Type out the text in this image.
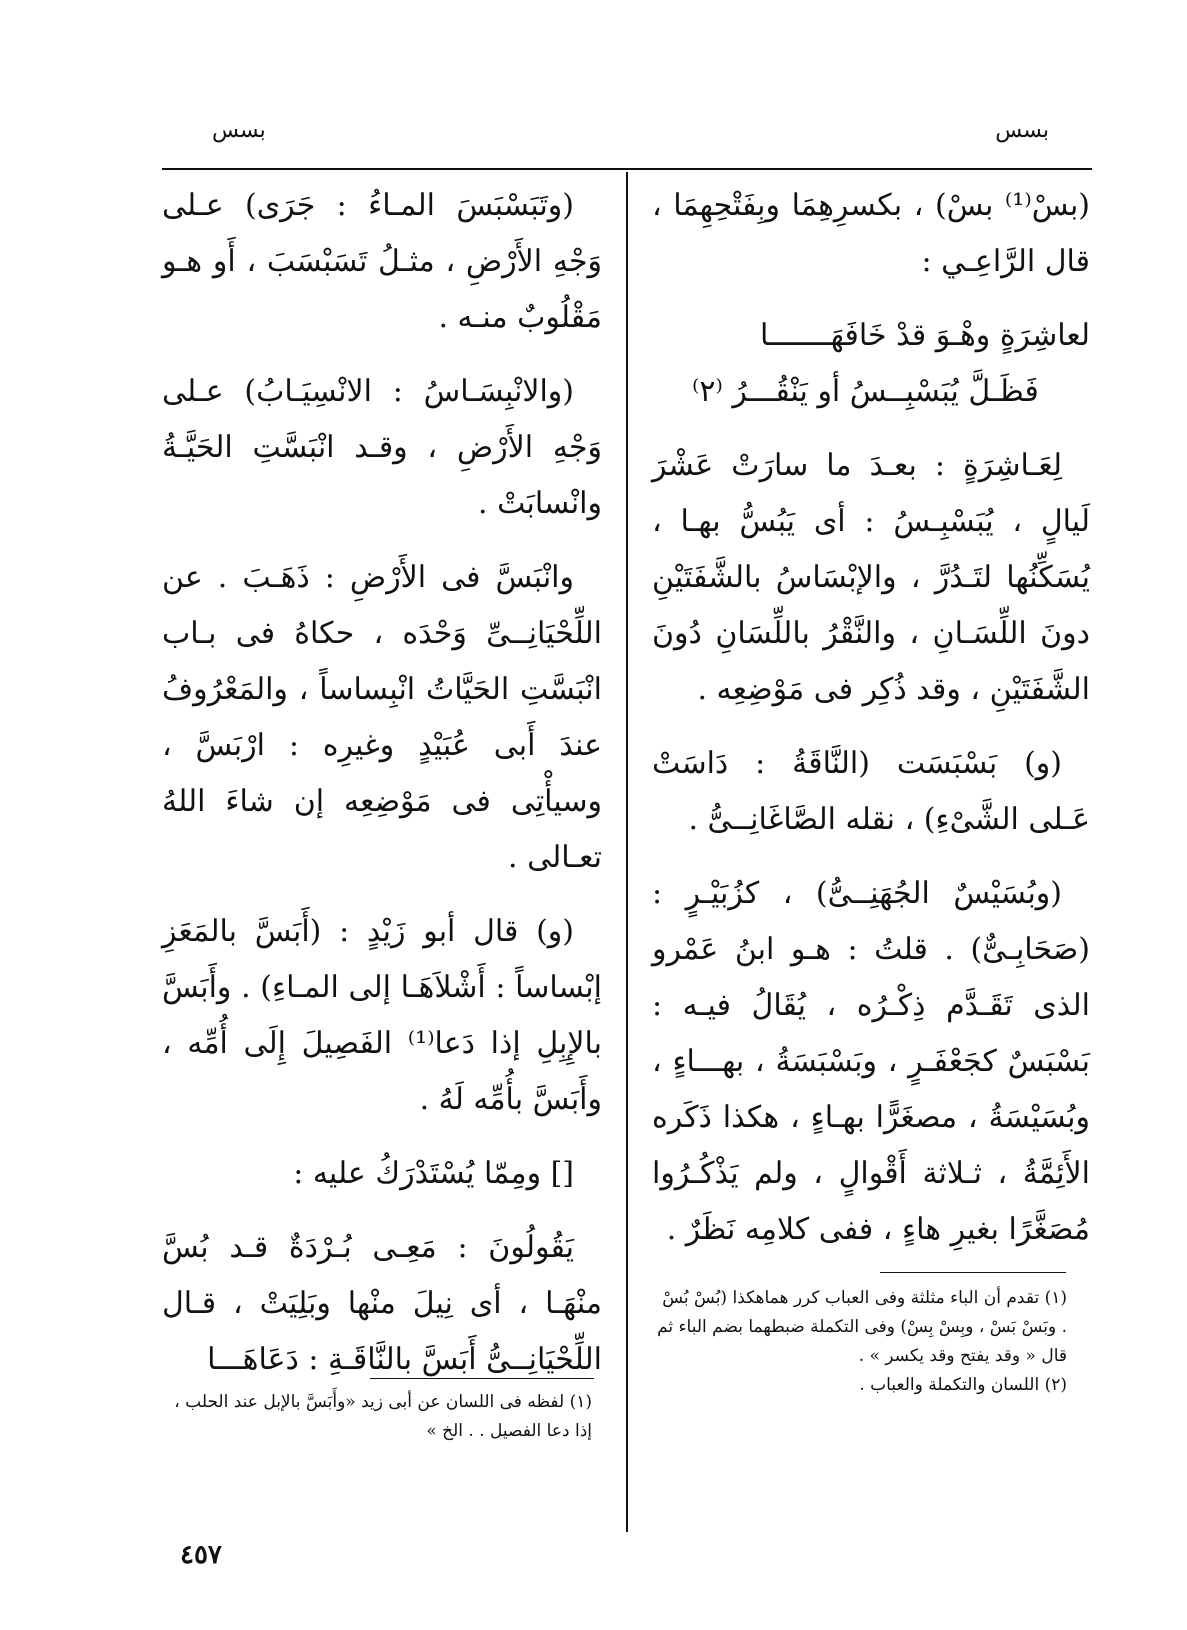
بسس	بسس

(بسْ⁽¹⁾ بسْ) ، بكسرِهِمَا وبِفَتْحِهِمَا ، قال الرَّاعِـي :

لعاشِرَةٍ وهْـوَ قدْ خَافَهَـــــــا
فَظَـلَّ يُبَسْبِــسُ أو يَنْقُـــرُ ⁽٢⁾

لِعَـاشِرَةٍ : بعـدَ ما سارَتْ عَشْرَ لَيالٍ ، يُبَسْبِـسُ : أى يَبُسُّ بهـا ، يُسَكِّنُها لتَـدُرَّ ، والإبْسَاسُ بالشَّفَتَيْنِ دونَ اللِّسَـانِ ، والنَّقْرُ باللِّسَانِ دُونَ الشَّفَتَيْنِ ، وقد ذُكِر فى مَوْضِعِه .

(و) بَسْبَسَت (النَّاقَةُ : دَاسَتْ عَـلى الشَّىْءِ) ، نقله الصَّاغَانِــىُّ .

(وبُسَيْسٌ الجُهَنِــىُّ) ، كزُبَيْـرٍ : (صَحَابِـىٌّ) . قلتُ : هـو ابنُ عَمْرو الذى تَقَـدَّم ذِكْـرُه ، يُقَالُ فيـه : بَسْبَسٌ كجَعْفَـرٍ ، وبَسْبَسَةُ ، بهـــاءٍ ، وبُسَيْسَةُ ، مصغَرًّا بهـاءٍ ، هكذا ذَكَره الأَئِمَّةُ ، ثـلاثة أَقْوالٍ ، ولم يَذْكُـرُوا مُصَغَّرًا بغيرِ هاءٍ ، ففى كلامِه نَظَرٌ .

(وتَبَسْبَسَ المـاءُ : جَرَى) عـلى وَجْهِ الأَرْضِ ، مثـلُ تَسَبْسَبَ ، أَو هـو مَقْلُوبٌ منـه .

(والانْبِسَـاسُ : الانْسِيَـابُ) عـلى وَجْهِ الأَرْضِ ، وقـد انْبَسَّتِ الحَيَّـةُ وانْسابَتْ .

وانْبَسَّ فى الأَرْضِ : ذَهَـبَ . عن اللِّحْيَانِــىِّ وَحْدَه ، حكاهُ فى بـاب انْبَسَّتِ الحَيَّاتُ انْبِساساً ، والمَعْرُوفُ عندَ أَبى عُبَيْدٍ وغيرِه : ارْبَسَّ ، وسيأْتِى فى مَوْضِعِه إن شاءَ اللهُ تعـالى .

(و) قال أبو زَيْدٍ : (أَبَسَّ بالمَعَزِ إبْساساً : أَشْلاَهَـا إلى المـاءِ) . وأَبَسَّ بالإِبِلِ إذا دَعا⁽¹⁾ الفَصِيلَ إِلَى أُمِّه ، وأَبَسَّ بأُمِّه لَهُ .

[] ومِمّا يُسْتَدْرَكُ عليه :

يَقُولُونَ : مَعِـى بُـرْدَةٌ قـد بُسَّ منْهَـا ، أى نِيلَ منْها وبَلِيَتْ ، قـال اللِّحْيَانِــىُّ أَبَسَّ بالنَّاقَـةِ : دَعَاهَـــا

(١) تقدم أن الباء مثلثة وفى العباب كرر هماهكذا (بُسْ بُسْ . وبَسْ بَسْ ، وبِسْ بِسْ) وفى التكملة ضبطهما بضم الباء ثم قال « وقد يفتح وقد يكسر » .

(٢) اللسان والتكملة والعباب .

(١) لفظه فى اللسان عن أبى زيد «وأَبَسَّ بالإبل عند الحلب ، إذا دعا الفصيل . . الخ »

٤٥٧
